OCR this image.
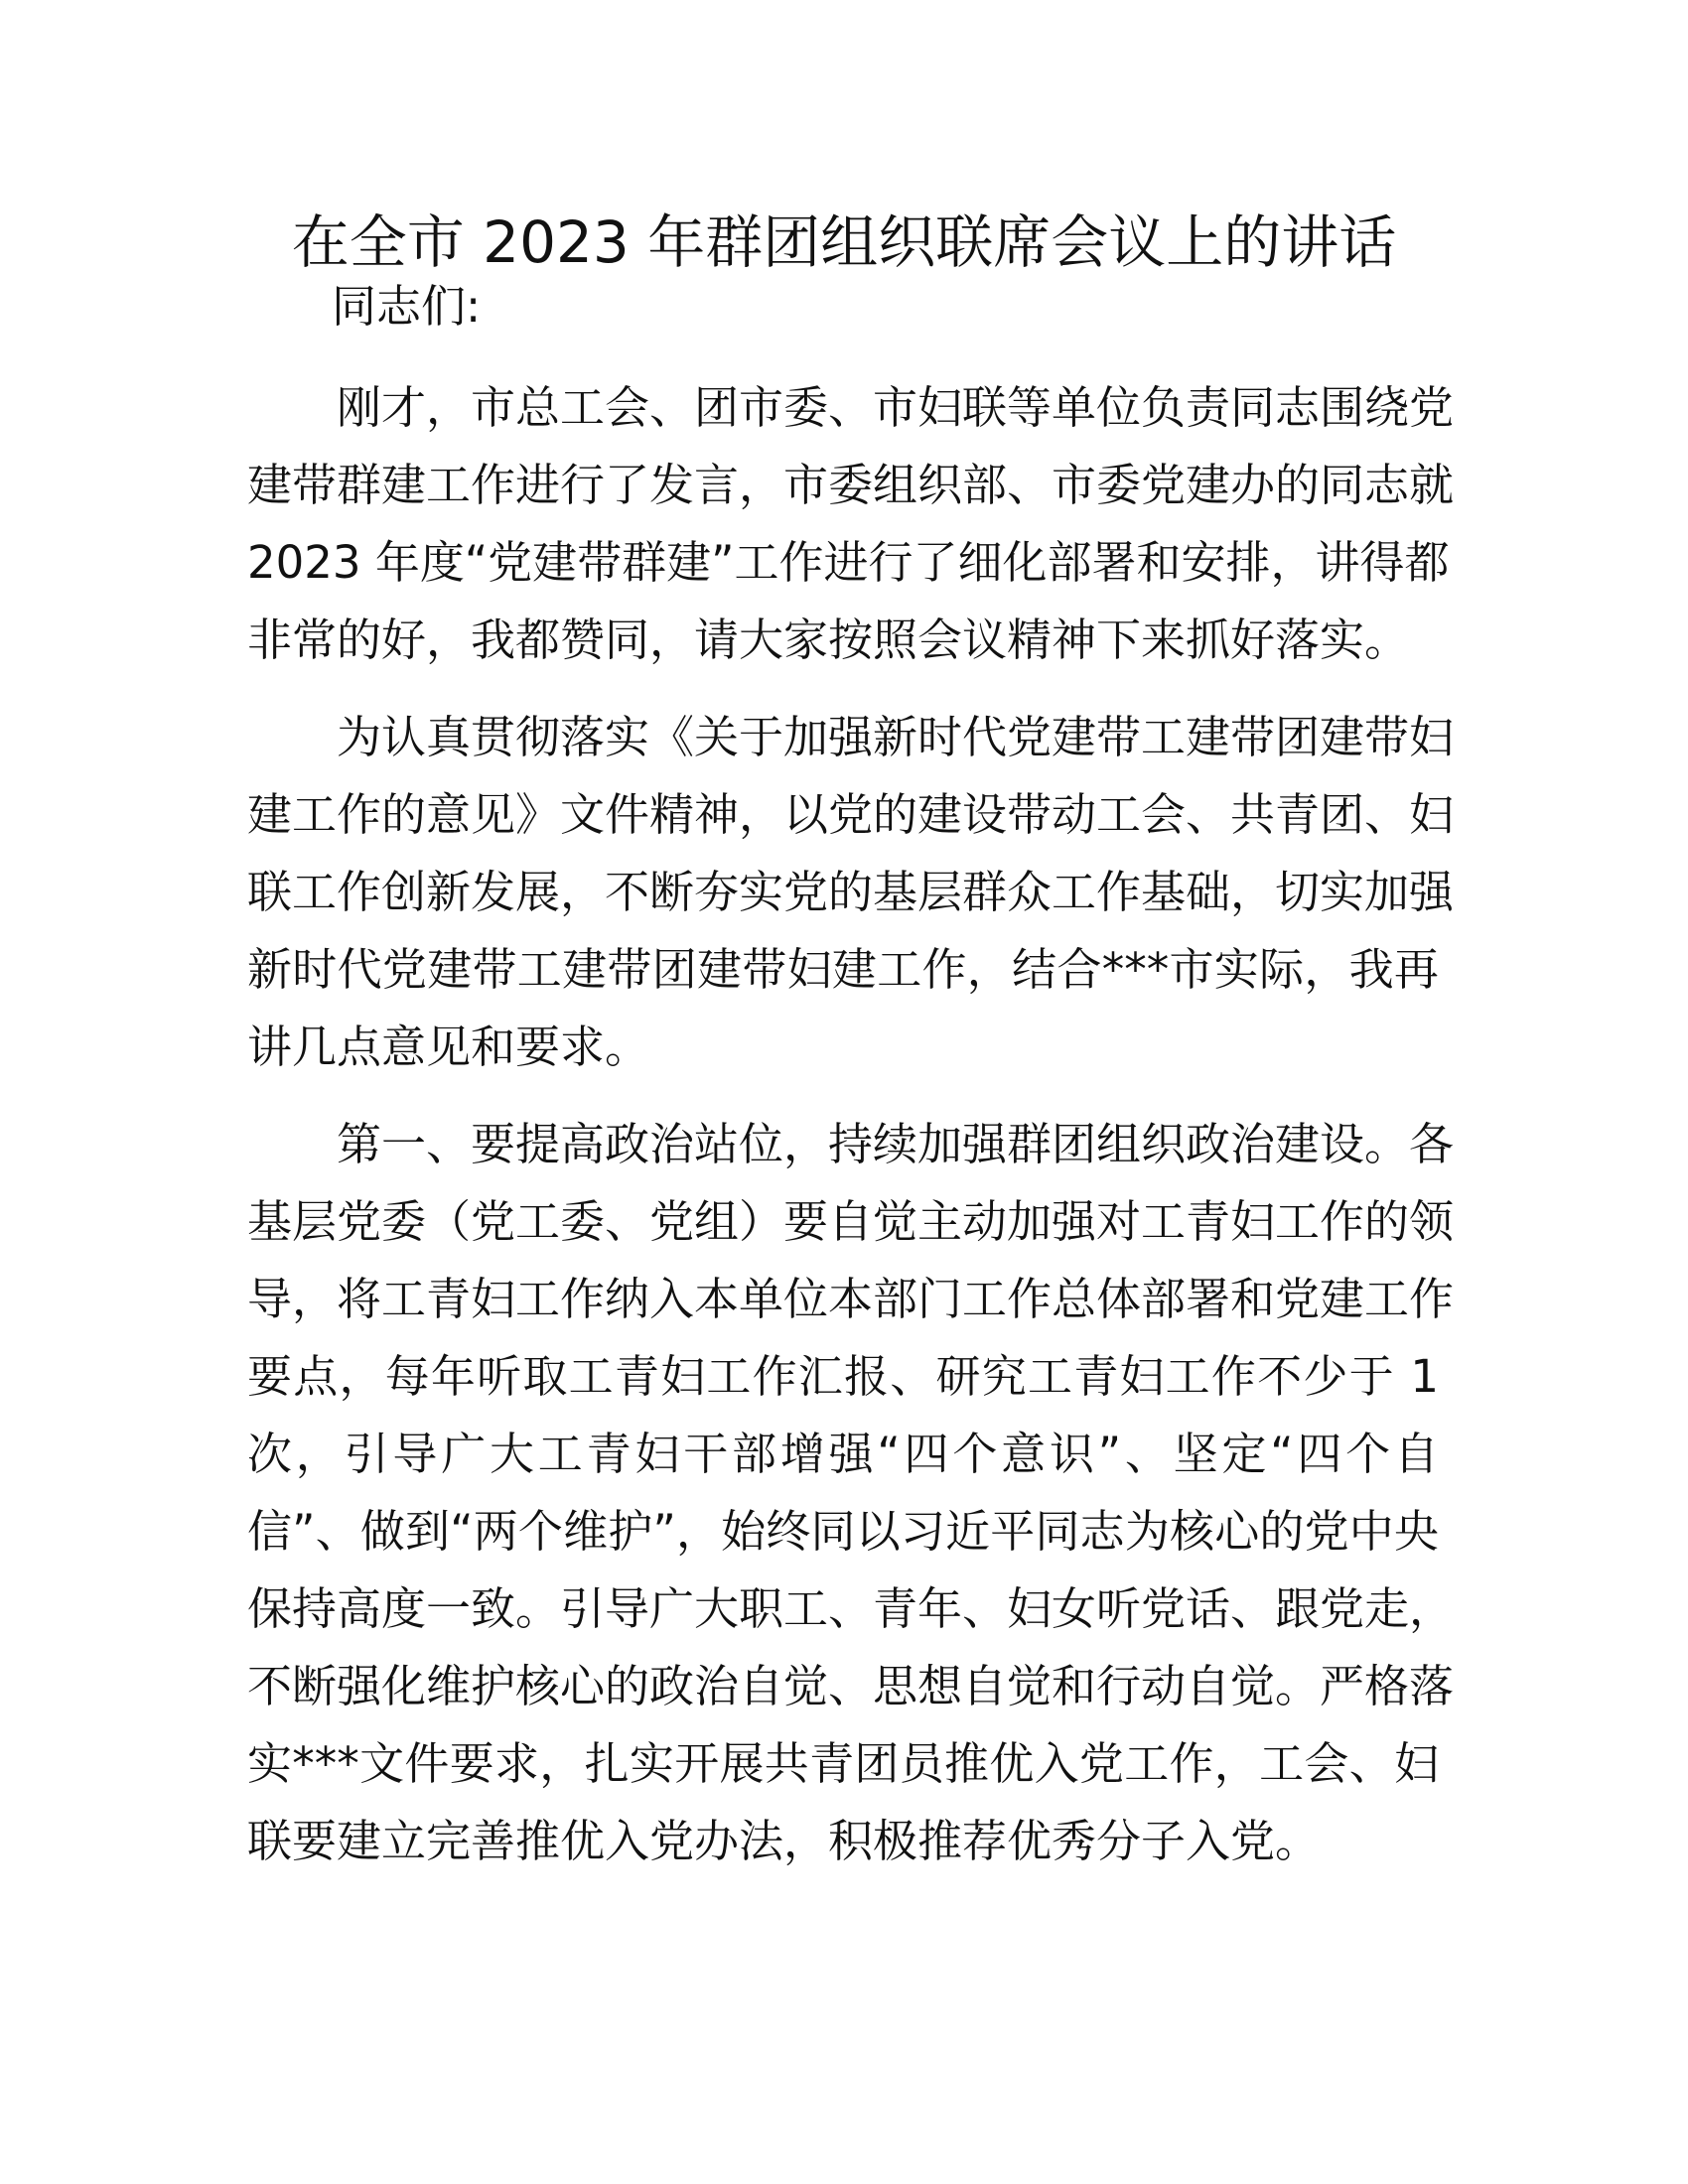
在全市 2023 年群团组织联席会议上的讲话
同志们:
刚才，市总工会、团市委、市妇联等单位负责同志围绕党
建带群建工作进行了发言，市委组织部、市委党建办的同志就
2023 年度“党建带群建”工作进行了细化部署和安排，讲得都
非常的好，我都赞同，请大家按照会议精神下来抓好落实。
为认真贯彻落实《关于加强新时代党建带工建带团建带妇
建工作的意见》文件精神，以党的建设带动工会、共青团、妇
联工作创新发展，不断夯实党的基层群众工作基础，切实加强
新时代党建带工建带团建带妇建工作，结合***市实际，我再
讲几点意见和要求。
第一、要提高政治站位，持续加强群团组织政治建设。各
基层党委（党工委、党组）要自觉主动加强对工青妇工作的领
导，将工青妇工作纳入本单位本部门工作总体部署和党建工作
要点，每年听取工青妇工作汇报、研究工青妇工作不少于 1
次，引导广大工青妇干部增强“四个意识”、坚定“四个自
信”、做到“两个维护”，始终同以习近平同志为核心的党中央
保持高度一致。引导广大职工、青年、妇女听党话、跟党走，
不断强化维护核心的政治自觉、思想自觉和行动自觉。严格落
实***文件要求，扎实开展共青团员推优入党工作，工会、妇
联要建立完善推优入党办法，积极推荐优秀分子入党。
